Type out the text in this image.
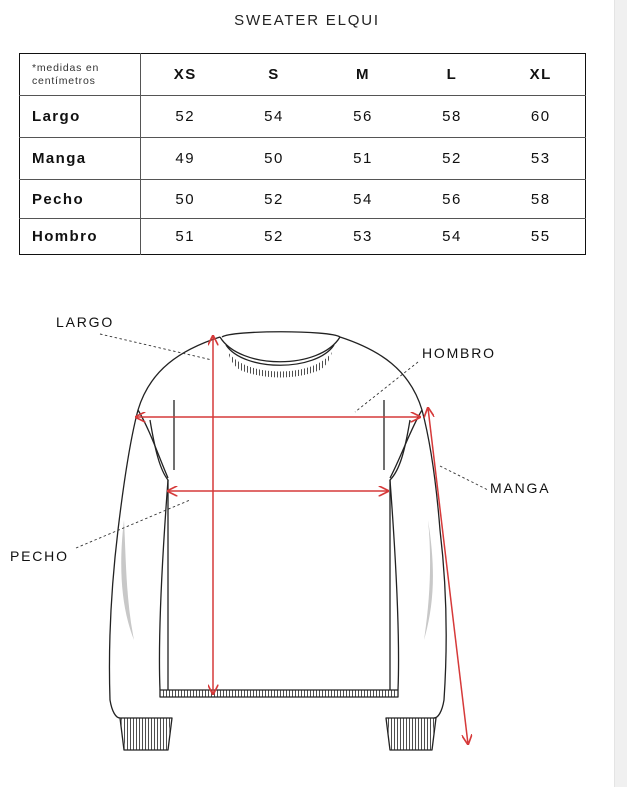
SWEATER ELQUI
*medidas en
centímetros	XS	S	M	L	XL
Largo	52	54	56	58	60
Manga	49	50	51	52	53
Pecho	50	52	54	56	58
Hombro	51	52	53	54	55
LARGO
HOMBRO
MANGA
PECHO
